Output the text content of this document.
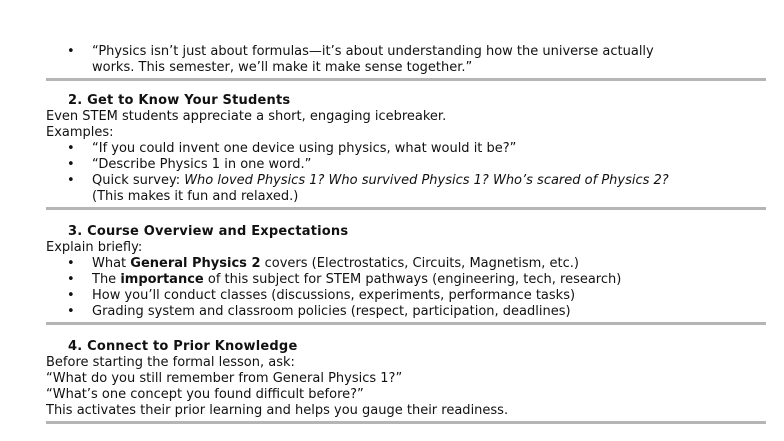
• “Physics isn’t just about formulas—it’s about understanding how the universe actually
works. This semester, we’ll make it make sense together.”
2. Get to Know Your Students
Even STEM students appreciate a short, engaging icebreaker.
Examples:
• “If you could invent one device using physics, what would it be?”
• “Describe Physics 1 in one word.”
• Quick survey: Who loved Physics 1? Who survived Physics 1? Who’s scared of Physics 2?
(This makes it fun and relaxed.)
3. Course Overview and Expectations
Explain briefly:
• What General Physics 2 covers (Electrostatics, Circuits, Magnetism, etc.)
• The importance of this subject for STEM pathways (engineering, tech, research)
• How you’ll conduct classes (discussions, experiments, performance tasks)
• Grading system and classroom policies (respect, participation, deadlines)
4. Connect to Prior Knowledge
Before starting the formal lesson, ask:
“What do you still remember from General Physics 1?”
“What’s one concept you found difficult before?”
This activates their prior learning and helps you gauge their readiness.
